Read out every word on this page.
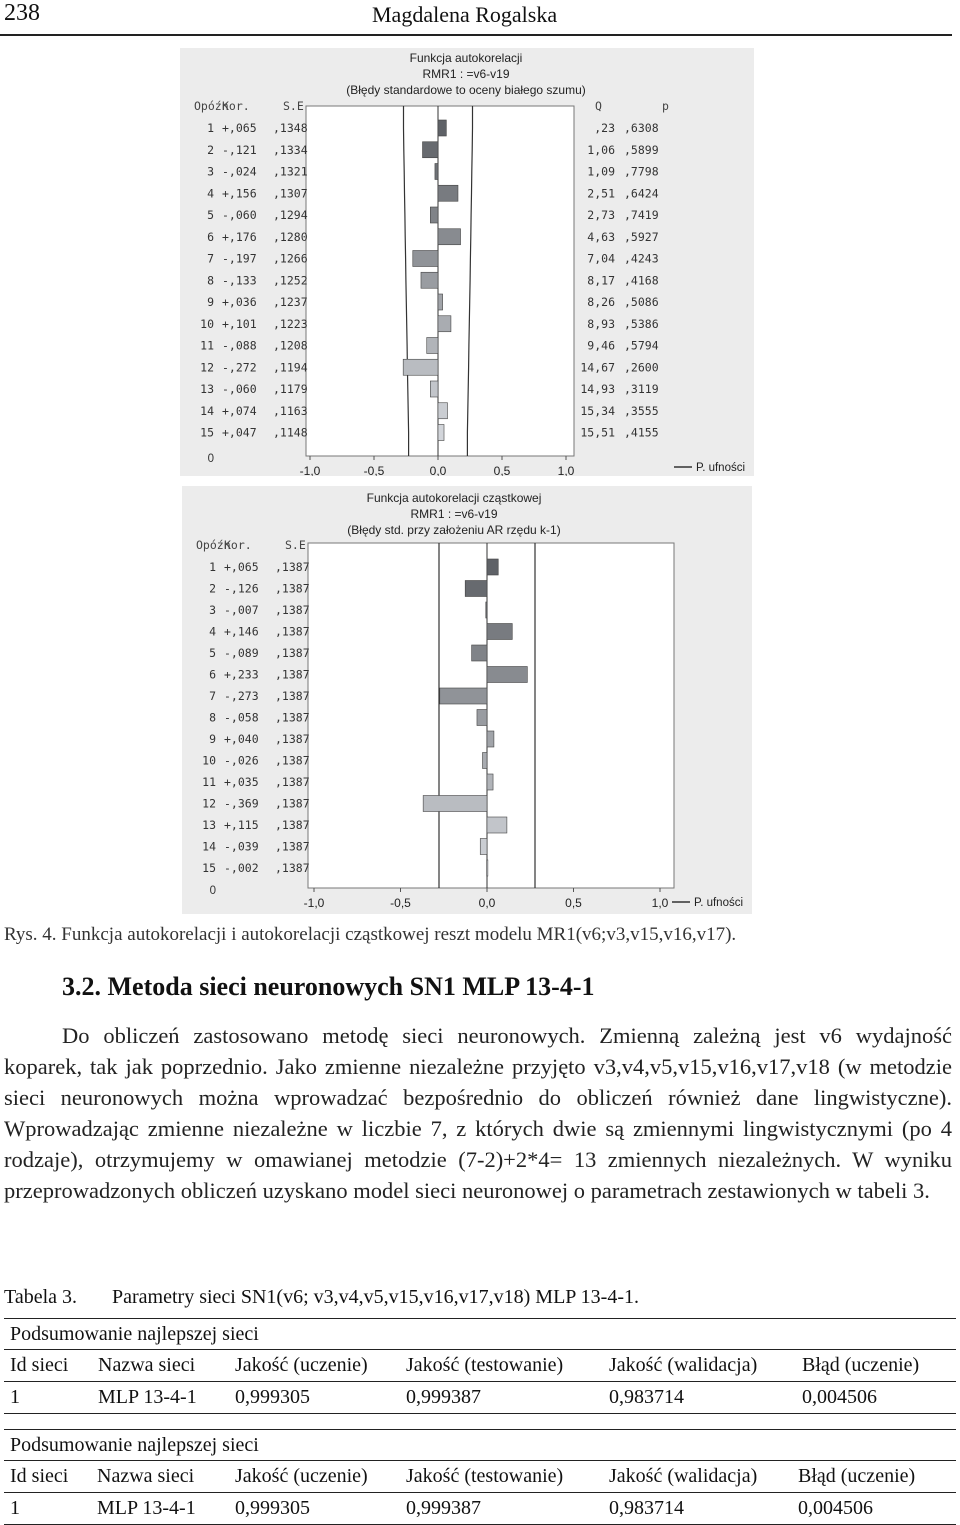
238	Magdalena Rogalska
Funkcja autokorelacji
RMR1 : =v6-v19
(Błędy standardowe to oceny białego szumu)
Opóźn
Kor.	S.E	Q	p
1 +,065 ,1348	,23 ,6308
2 -,121 ,1334	1,06 ,5899
3 -,024 ,1321	1,09 ,7798
4 +,156 ,1307	2,51 ,6424
5 -,060 ,1294	2,73 ,7419
6 +,176 ,1280	4,63 ,5927
7 -,197 ,1266	7,04 ,4243
8 -,133 ,1252	8,17 ,4168
9 +,036 ,1237	8,26 ,5086
10 +,101 ,1223	8,93 ,5386
11 -,088 ,1208	9,46 ,5794
12 -,272 ,1194	14,67 ,2600
13 -,060 ,1179	14,93 ,3119
14 +,074 ,1163	15,34 ,3555
15 +,047 ,1148	15,51 ,4155
0
-1,0	-0,5	0,0	0,5	1,0	P. ufności
Funkcja autokorelacji cząstkowej
RMR1 : =v6-v19
(Błędy std. przy założeniu AR rzędu k-1)
Opóźn
Kor.	S.E
1 +,065 ,1387
2 -,126 ,1387
3 -,007 ,1387
4 +,146 ,1387
5 -,089 ,1387
6 +,233 ,1387
7 -,273 ,1387
8 -,058 ,1387
9 +,040 ,1387
10 -,026 ,1387
11 +,035 ,1387
12 -,369 ,1387
13 +,115 ,1387
14 -,039 ,1387
15 -,002 ,1387
0
-1,0	-0,5	0,0	0,5	1,0 P. ufności
Rys. 4. Funkcja autokorelacji i autokorelacji cząstkowej reszt modelu MR1(v6;v3,v15,v16,v17).
3.2. Metoda sieci neuronowych SN1 MLP 13-4-1

Do obliczeń zastosowano metodę sieci neuronowych. Zmienną zależną jest v6 wydajność koparek, tak jak poprzednio. Jako zmienne niezależne przyjęto v3,v4,v5,v15,v16,v17,v18 (w metodzie sieci neuronowych można wprowadzać bezpośrednio do obliczeń również dane lingwistyczne). Wprowadzając zmienne niezależne w liczbie 7, z których dwie są zmiennymi lingwistycznymi (po 4 rodzaje), otrzymujemy w omawianej metodzie (7-2)+2*4= 13 zmiennych niezależnych. W wyniku przeprowadzonych obliczeń uzyskano model sieci neuronowej o parametrach zestawionych w tabeli 3.

Tabela 3. Parametry sieci SN1(v6; v3,v4,v5,v15,v16,v17,v18) MLP 13-4-1.
Podsumowanie najlepszej sieci					
Id sieci	Nazwa sieci	Jakość (uczenie)	Jakość (testowanie)	Jakość (walidacja)	Błąd (uczenie)
1	MLP 13-4-1	0,999305	0,999387	0,983714	0,004506
Podsumowanie najlepszej sieci					
Id sieci	Nazwa sieci	Jakość (uczenie)	Jakość (testowanie)	Jakość (walidacja)	Błąd (uczenie)
1	MLP 13-4-1	0,999305	0,999387	0,983714	0,004506
